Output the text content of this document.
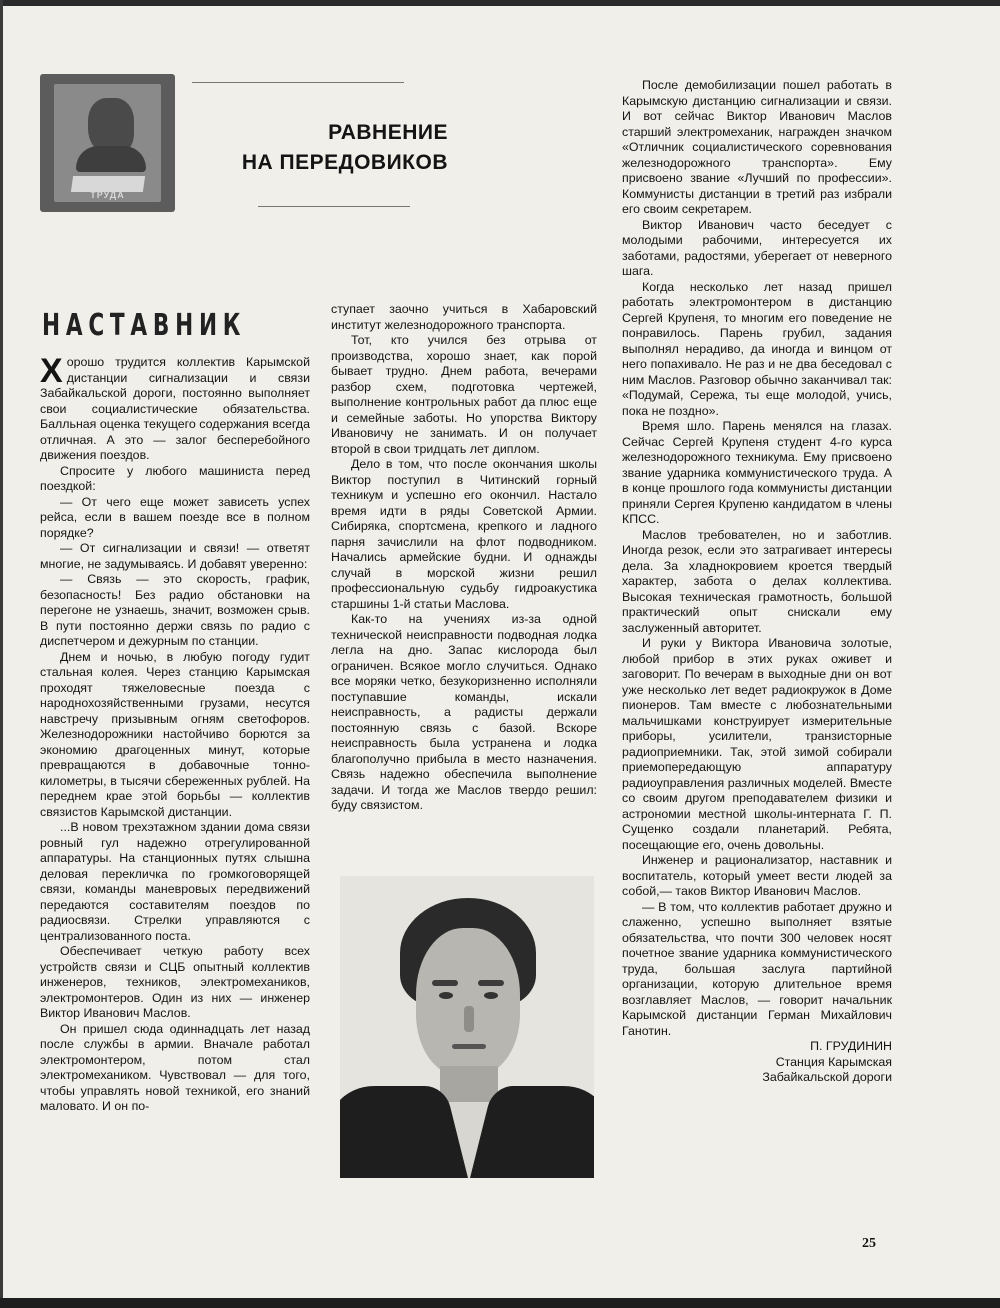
ТРУДА
РАВНЕНИЕ
НА ПЕРЕДОВИКОВ
НАСТАВНИК

Хорошо трудится коллектив Карымской дистанции сигнализации и связи Забайкальской дороги, постоянно выполняет свои социалистические обязательства. Балльная оценка текущего содержания всегда отличная. А это — залог бесперебойного движения поездов.

Спросите у любого машиниста перед поездкой:

— От чего еще может зависеть успех рейса, если в вашем поезде все в полном порядке?

— От сигнализации и связи! — ответят многие, не задумываясь. И добавят уверенно:

— Связь — это скорость, график, безопасность! Без радио обстановки на перегоне не узнаешь, значит, возможен срыв. В пути постоянно держи связь по радио с диспетчером и дежурным по станции.

Днем и ночью, в любую погоду гудит стальная колея. Через станцию Карымская проходят тяжеловесные поезда с народнохозяйственными грузами, несутся навстречу призывным огням светофоров. Железнодорожники настойчиво борются за экономию драгоценных минут, которые превращаются в добавочные тонно-километры, в тысячи сбереженных рублей. На переднем крае этой борьбы — коллектив связистов Карымской дистанции.

...В новом трехэтажном здании дома связи ровный гул надежно отрегулированной аппаратуры. На станционных путях слышна деловая перекличка по громкоговорящей связи, команды маневровых передвижений передаются составителям поездов по радиосвязи. Стрелки управляются с централизованного поста.

Обеспечивает четкую работу всех устройств связи и СЦБ опытный коллектив инженеров, техников, электромехаников, электромонтеров. Один из них — инженер Виктор Иванович Маслов.

Он пришел сюда одиннадцать лет назад после службы в армии. Вначале работал электромонтером, потом стал электромехаником. Чувствовал — для того, чтобы управлять новой техникой, его знаний маловато. И он по-

ступает заочно учиться в Хабаровский институт железнодорожного транспорта.

Тот, кто учился без отрыва от производства, хорошо знает, как порой бывает трудно. Днем работа, вечерами разбор схем, подготовка чертежей, выполнение контрольных работ да плюс еще и семейные заботы. Но упорства Виктору Ивановичу не занимать. И он получает второй в свои тридцать лет диплом.

Дело в том, что после окончания школы Виктор поступил в Читинский горный техникум и успешно его окончил. Настало время идти в ряды Советской Армии. Сибиряка, спортсмена, крепкого и ладного парня зачислили на флот подводником. Начались армейские будни. И однажды случай в морской жизни решил профессиональную судьбу гидроакустика старшины 1-й статьи Маслова.

Как-то на учениях из-за одной технической неисправности подводная лодка легла на дно. Запас кислорода был ограничен. Всякое могло случиться. Однако все моряки четко, безукоризненно исполняли поступавшие команды, искали неисправность, а радисты держали постоянную связь с базой. Вскоре неисправность была устранена и лодка благополучно прибыла в место назначения. Связь надежно обеспечила выполнение задачи. И тогда же Маслов твердо решил: буду связистом.

После демобилизации пошел работать в Карымскую дистанцию сигнализации и связи. И вот сейчас Виктор Иванович Маслов старший электромеханик, награжден значком «Отличник социалистического соревнования железнодорожного транспорта». Ему присвоено звание «Лучший по профессии». Коммунисты дистанции в третий раз избрали его своим секретарем.

Виктор Иванович часто беседует с молодыми рабочими, интересуется их заботами, радостями, уберегает от неверного шага.

Когда несколько лет назад пришел работать электромонтером в дистанцию Сергей Крупеня, то многим его поведение не понравилось. Парень грубил, задания выполнял нерадиво, да иногда и винцом от него попахивало. Не раз и не два беседовал с ним Маслов. Разговор обычно заканчивал так: «Подумай, Сережа, ты еще молодой, учись, пока не поздно».

Время шло. Парень менялся на глазах. Сейчас Сергей Крупеня студент 4-го курса железнодорожного техникума. Ему присвоено звание ударника коммунистического труда. А в конце прошлого года коммунисты дистанции приняли Сергея Крупеню кандидатом в члены КПСС.

Маслов требователен, но и заботлив. Иногда резок, если это затрагивает интересы дела. За хладнокровием кроется твердый характер, забота о делах коллектива. Высокая техническая грамотность, большой практический опыт снискали ему заслуженный авторитет.

И руки у Виктора Ивановича золотые, любой прибор в этих руках оживет и заговорит. По вечерам в выходные дни он вот уже несколько лет ведет радиокружок в Доме пионеров. Там вместе с любознательными мальчишками конструирует измерительные приборы, усилители, транзисторные радиоприемники. Так, этой зимой собирали приемопередающую аппаратуру радиоуправления различных моделей. Вместе со своим другом преподавателем физики и астрономии местной школы-интерната Г. П. Сущенко создали планетарий. Ребята, посещающие его, очень довольны.

Инженер и рационализатор, наставник и воспитатель, который умеет вести людей за собой,— таков Виктор Иванович Маслов.

— В том, что коллектив работает дружно и слаженно, успешно выполняет взятые обязательства, что почти 300 человек носят почетное звание ударника коммунистического труда, большая заслуга партийной организации, которую длительное время возглавляет Маслов, — говорит начальник Карымской дистанции Герман Михайлович Ганотин.

П. ГРУДИНИН

Станция Карымская

Забайкальской дороги

25
